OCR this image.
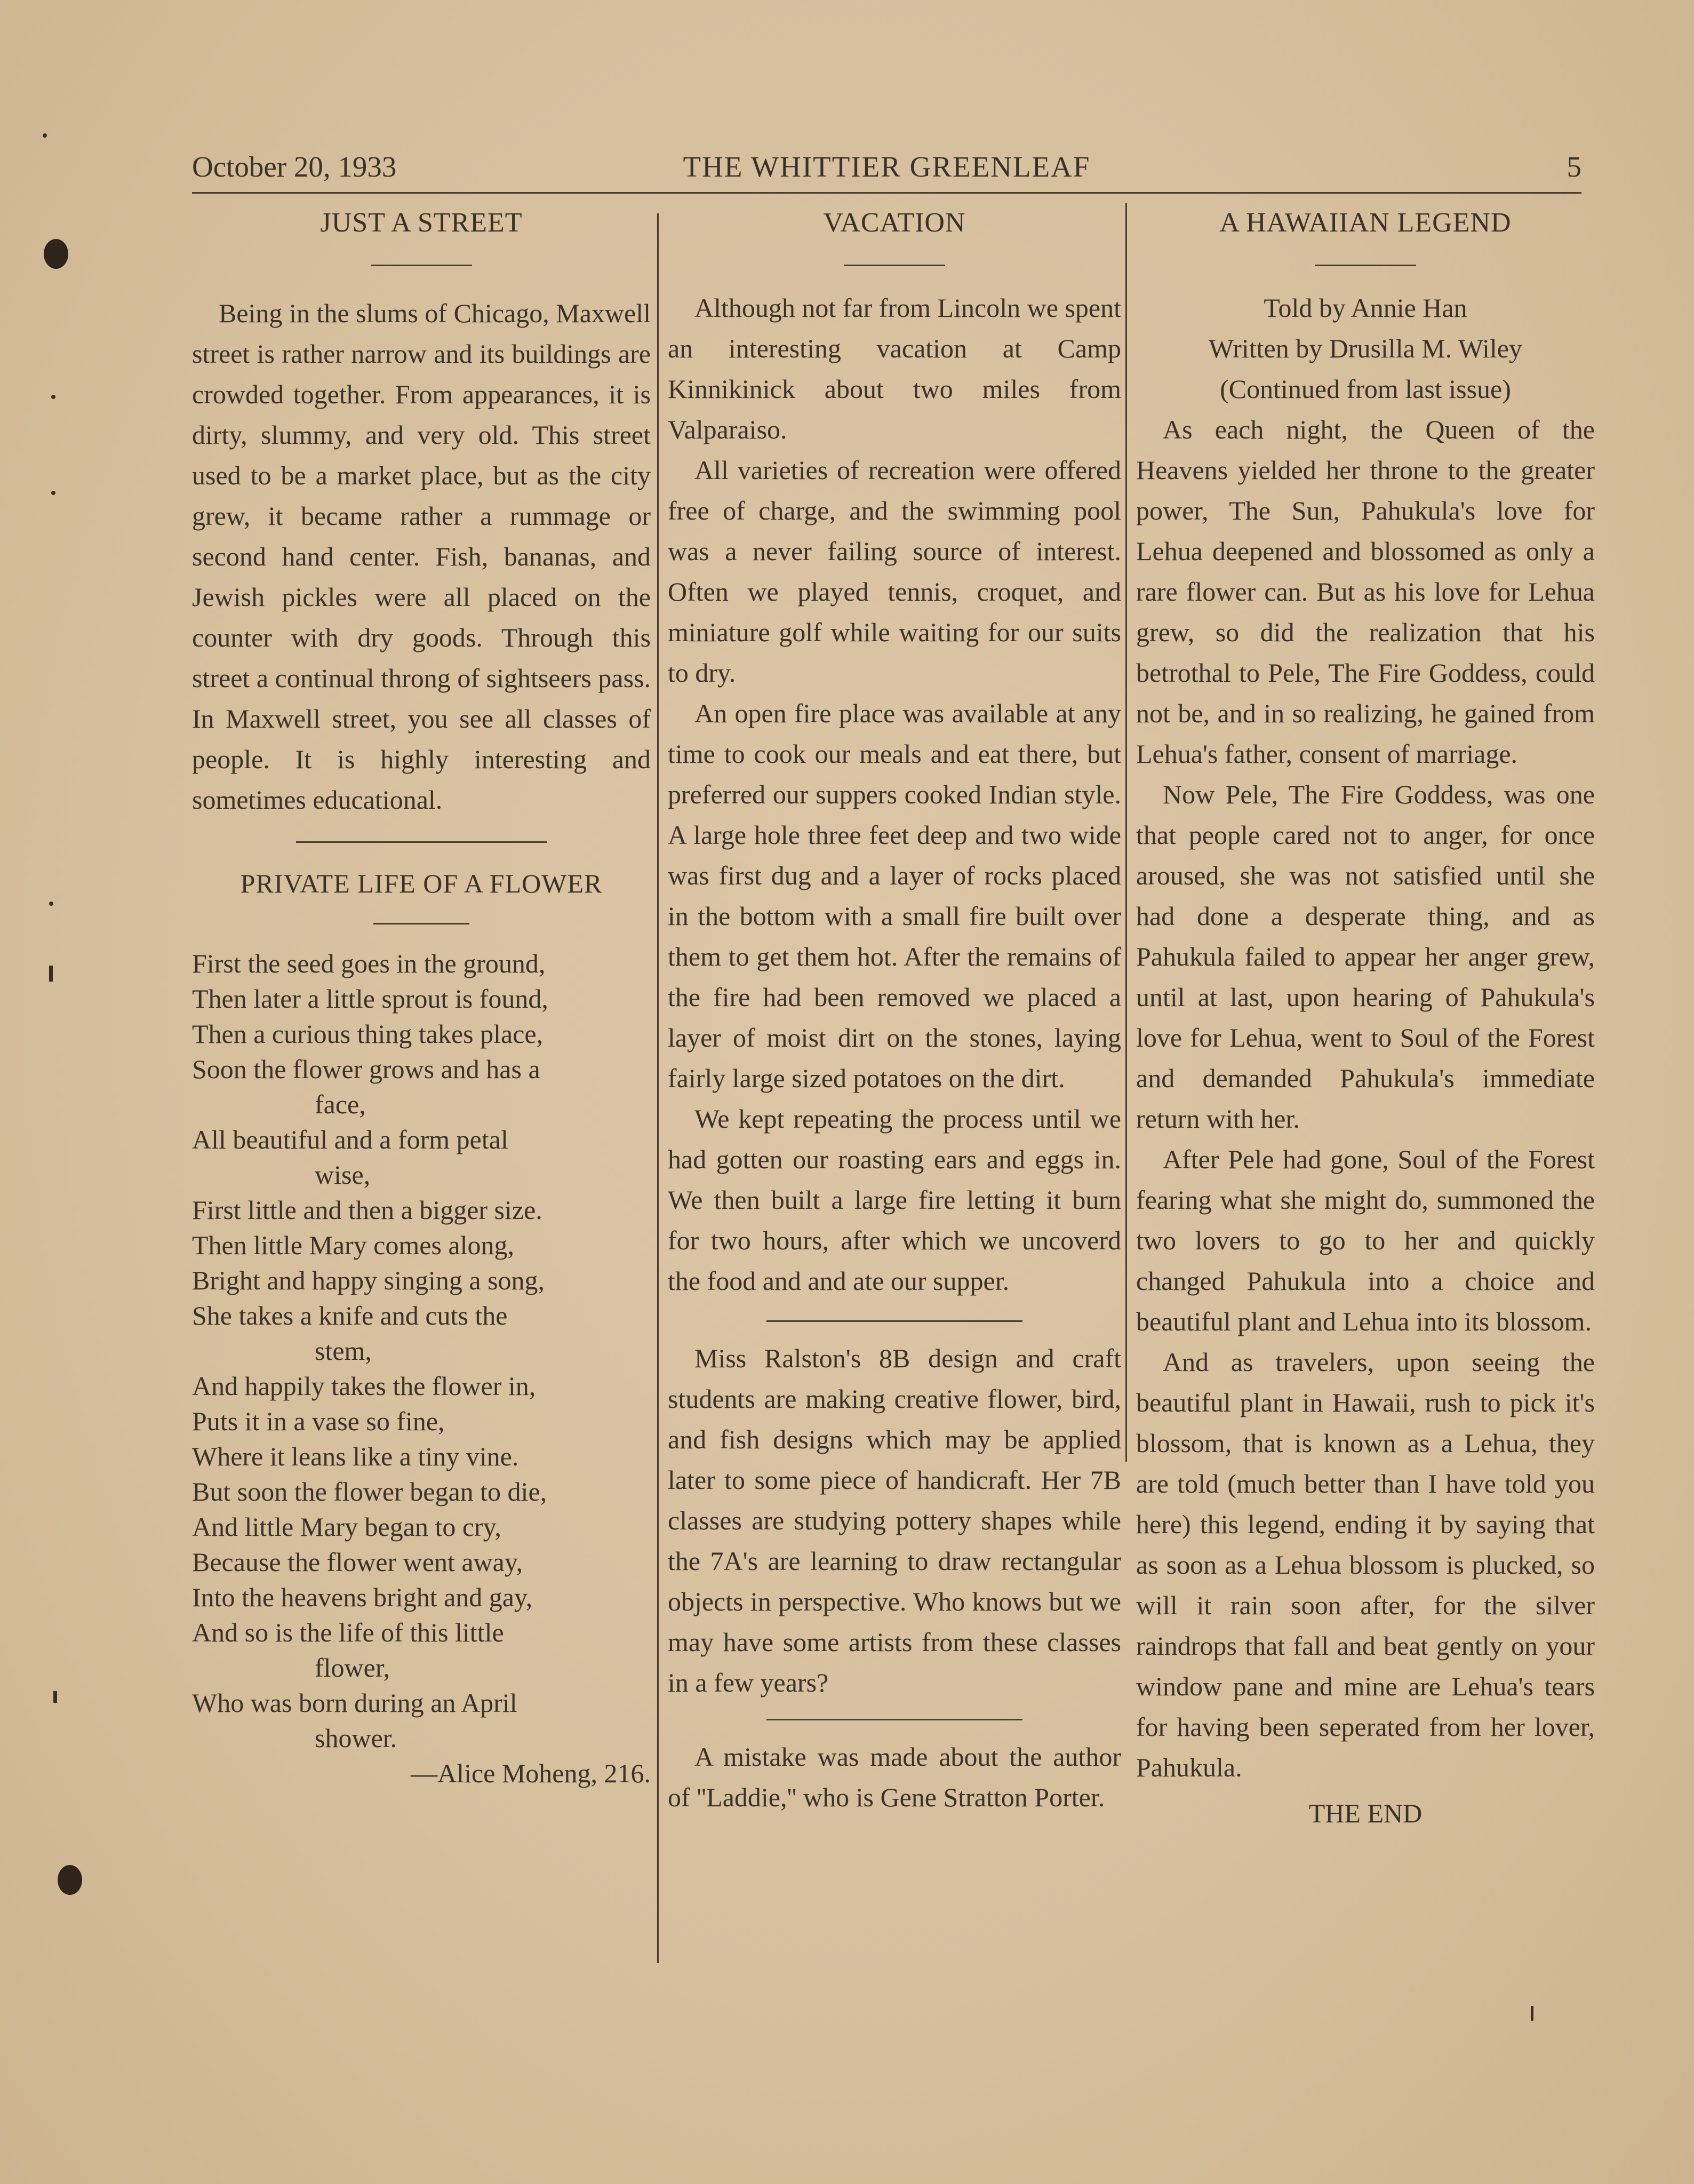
October 20, 1933	THE WHITTIER GREENLEAF	5

JUST A STREET

Being in the slums of Chicago, Maxwell street is rather narrow and its buildings are crowded together. From appearances, it is dirty, slummy, and very old. This street used to be a market place, but as the city grew, it became rather a rummage or second hand center. Fish, bananas, and Jewish pickles were all placed on the counter with dry goods. Through this street a continual throng of sightseers pass. In Maxwell street, you see all classes of people. It is highly interesting and sometimes educational.

PRIVATE LIFE OF A FLOWER

First the seed goes in the ground,
Then later a little sprout is found,
Then a curious thing takes place,
Soon the flower grows and has a
face,
All beautiful and a form petal
wise,
First little and then a bigger size.
Then little Mary comes along,
Bright and happy singing a song,
She takes a knife and cuts the
stem,
And happily takes the flower in,
Puts it in a vase so fine,
Where it leans like a tiny vine.
But soon the flower began to die,
And little Mary began to cry,
Because the flower went away,
Into the heavens bright and gay,
And so is the life of this little
flower,
Who was born during an April
shower.

—Alice Moheng, 216.

VACATION

Although not far from Lincoln we spent an interesting vacation at Camp Kinnikinick about two miles from Valparaiso.

All varieties of recreation were offered free of charge, and the swimming pool was a never failing source of interest. Often we played tennis, croquet, and miniature golf while waiting for our suits to dry.

An open fire place was available at any time to cook our meals and eat there, but preferred our suppers cooked Indian style. A large hole three feet deep and two wide was first dug and a layer of rocks placed in the bottom with a small fire built over them to get them hot. After the remains of the fire had been removed we placed a layer of moist dirt on the stones, laying fairly large sized potatoes on the dirt.

We kept repeating the process until we had gotten our roasting ears and eggs in. We then built a large fire letting it burn for two hours, after which we uncoverd the food and and ate our supper.

Miss Ralston's 8B design and craft students are making creative flower, bird, and fish designs which may be applied later to some piece of handicraft. Her 7B classes are studying pottery shapes while the 7A's are learning to draw rectangular objects in perspective. Who knows but we may have some artists from these classes in a few years?

A mistake was made about the author of ''Laddie,'' who is Gene Stratton Porter.

A HAWAIIAN LEGEND

Told by Annie Han

Written by Drusilla M. Wiley

(Continued from last issue)

As each night, the Queen of the Heavens yielded her throne to the greater power, The Sun, Pahukula's love for Lehua deepened and blossomed as only a rare flower can. But as his love for Lehua grew, so did the realization that his betrothal to Pele, The Fire Goddess, could not be, and in so realizing, he gained from Lehua's father, consent of marriage.

Now Pele, The Fire Goddess, was one that people cared not to anger, for once aroused, she was not satisfied until she had done a desperate thing, and as Pahukula failed to appear her anger grew, until at last, upon hearing of Pahukula's love for Lehua, went to Soul of the Forest and demanded Pahukula's immediate return with her.

After Pele had gone, Soul of the Forest fearing what she might do, summoned the two lovers to go to her and quickly changed Pahukula into a choice and beautiful plant and Lehua into its blossom.

And as travelers, upon seeing the beautiful plant in Hawaii, rush to pick it's blossom, that is known as a Lehua, they are told (much better than I have told you here) this legend, ending it by saying that as soon as a Lehua blossom is plucked, so will it rain soon after, for the silver raindrops that fall and beat gently on your window pane and mine are Lehua's tears for having been seperated from her lover, Pahukula.

THE END
